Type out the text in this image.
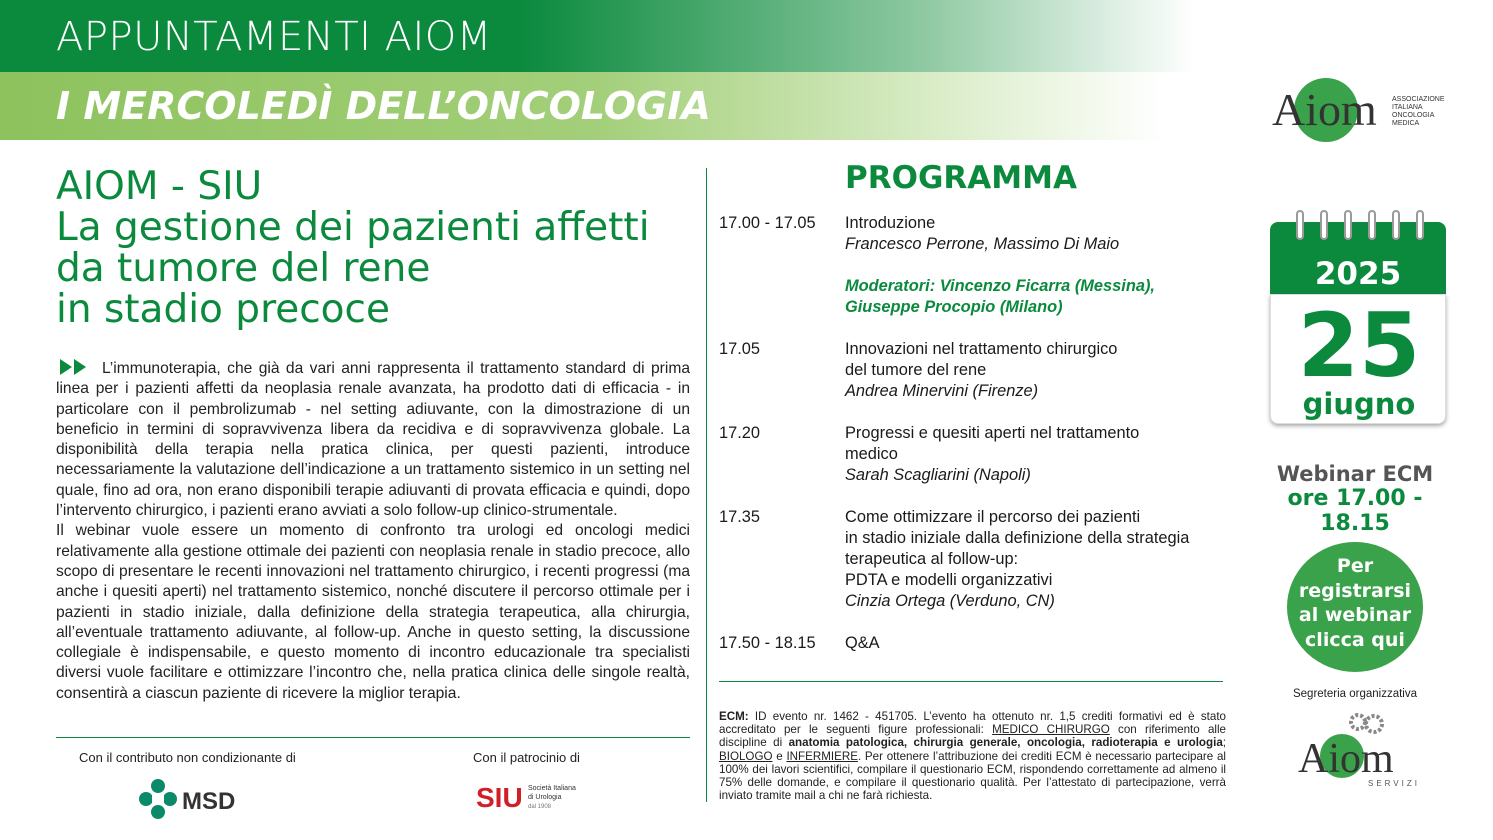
APPUNTAMENTI AIOM
I MERCOLEDÌ DELL’ONCOLOGIA	Aiom ASSOCIAZIONE
ITALIANA
ONCOLOGIA
MEDICA
AIOM - SIU
La gestione dei pazienti affetti
da tumore del rene
in stadio precoce

L’immunoterapia, che già da vari anni rappresenta il trattamento standard di prima linea per i pazienti affetti da neoplasia renale avanzata, ha prodotto dati di efficacia - in particolare con il pembrolizumab - nel setting adiuvante, con la dimostrazione di un beneficio in termini di sopravvivenza libera da recidiva e di sopravvivenza globale. La disponibilità della terapia nella pratica clinica, per questi pazienti, introduce necessariamente la valutazione dell’indicazione a un trattamento sistemico in un setting nel quale, fino ad ora, non erano disponibili terapie adiuvanti di provata efficacia e quindi, dopo l’intervento chirurgico, i pazienti erano avviati a solo follow-up clinico-strumentale.

Il webinar vuole essere un momento di confronto tra urologi ed oncologi medici relativamente alla gestione ottimale dei pazienti con neoplasia renale in stadio precoce, allo scopo di presentare le recenti innovazioni nel trattamento chirurgico, i recenti progressi (ma anche i quesiti aperti) nel trattamento sistemico, nonché discutere il percorso ottimale per i pazienti in stadio iniziale, dalla definizione della strategia terapeutica, alla chirurgia, all’eventuale trattamento adiuvante, al follow-up. Anche in questo setting, la discussione collegiale è indispensabile, e questo momento di incontro educazionale tra specialisti diversi vuole facilitare e ottimizzare l’incontro che, nella pratica clinica delle singole realtà, consentirà a ciascun paziente di ricevere la miglior terapia.

Con il contributo non condizionante di	Con il patrocinio di
MSD	SIU Società Italiana
di Urologia
dal 1908
PROGRAMMA
17.00 - 17.05	Introduzione
Francesco Perrone, Massimo Di Maio
Moderatori: Vincenzo Ficarra (Messina),
Giuseppe Procopio (Milano)
17.05	Innovazioni nel trattamento chirurgico
del tumore del rene
Andrea Minervini (Firenze)
17.20	Progressi e quesiti aperti nel trattamento
medico
Sarah Scagliarini (Napoli)
17.35	Come ottimizzare il percorso dei pazienti
in stadio iniziale dalla definizione della strategia
terapeutica al follow-up:
PDTA e modelli organizzativi
Cinzia Ortega (Verduno, CN)
17.50 - 18.15	Q&A
ECM: ID evento nr. 1462 - 451705. L’evento ha ottenuto nr. 1,5 crediti formativi ed è stato accreditato per le seguenti figure professionali: MEDICO CHIRURGO con riferimento alle discipline di anatomia patologica, chirurgia generale, oncologia, radioterapia e urologia; BIOLOGO e INFERMIERE. Per ottenere l’attribuzione dei crediti ECM è necessario partecipare al 100% dei lavori scientifici, compilare il questionario ECM, rispondendo correttamente ad almeno il 75% delle domande, e compilare il questionario qualità. Per l’attestato di partecipazione, verrà inviato tramite mail a chi ne farà richiesta.
2025
25
giugno
Webinar ECM
ore 17.00 - 18.15
Per
registrarsi
al webinar
clicca qui
Segreteria organizzativa
Aiom
SERVIZI
